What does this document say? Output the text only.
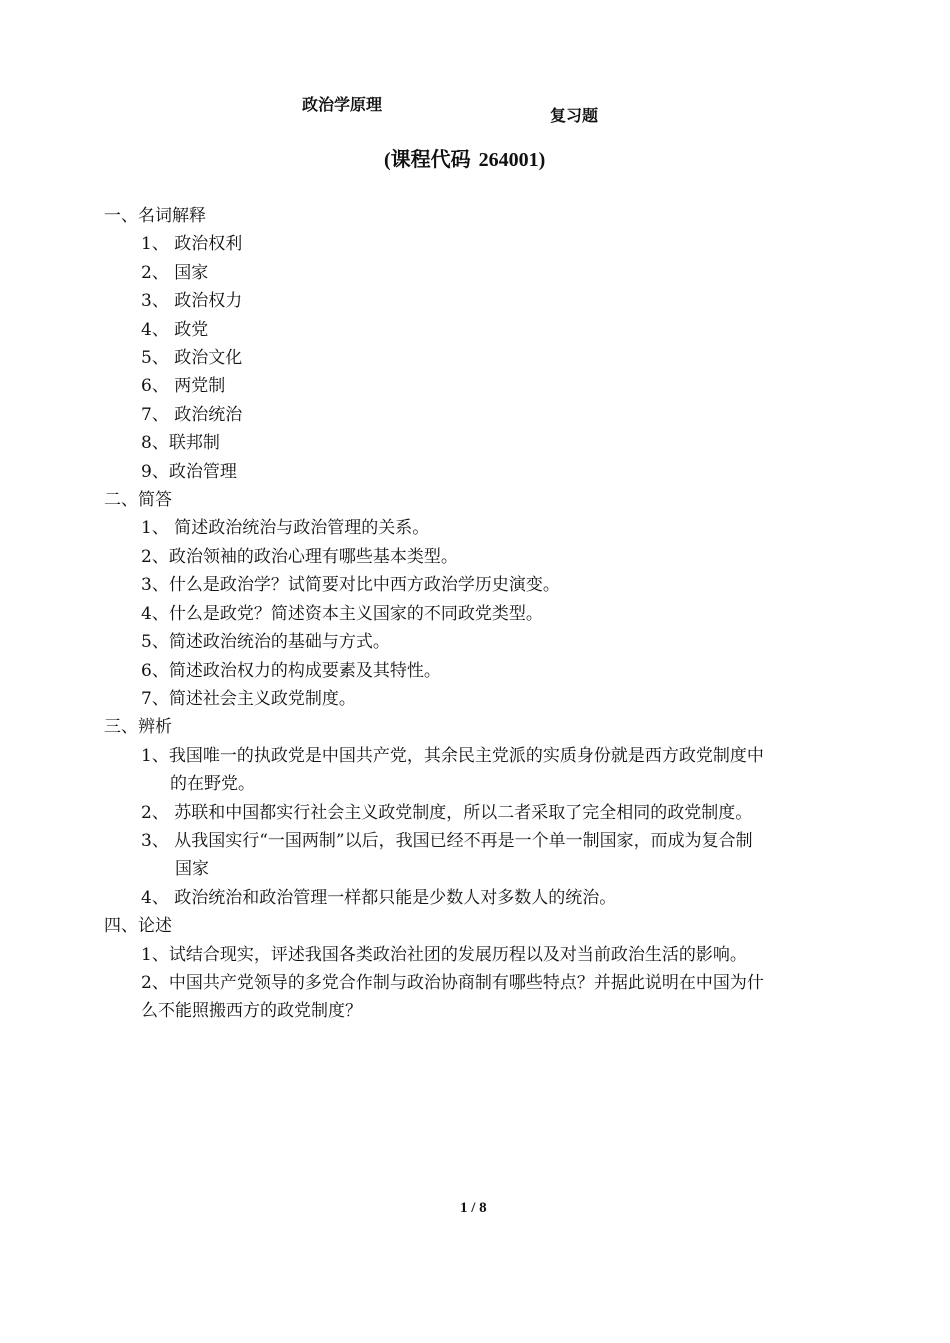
政治学原理
复习题
(课程代码 264001)
一、名词解释
1、 政治权利
2、 国家
3、 政治权力
4、 政党
5、 政治文化
6、 两党制
7、 政治统治
8、联邦制
9、政治管理
二、简答
1、 简述政治统治与政治管理的关系。
2、政治领袖的政治心理有哪些基本类型。
3、什么是政治学？试简要对比中西方政治学历史演变。
4、什么是政党？简述资本主义国家的不同政党类型。
5、简述政治统治的基础与方式。
6、简述政治权力的构成要素及其特性。
7、简述社会主义政党制度。
三、辨析
1、我国唯一的执政党是中国共产党，其余民主党派的实质身份就是西方政党制度中
的在野党。
2、 苏联和中国都实行社会主义政党制度，所以二者采取了完全相同的政党制度。
3、 从我国实行“一国两制”以后，我国已经不再是一个单一制国家，而成为复合制
国家
4、 政治统治和政治管理一样都只能是少数人对多数人的统治。
四、论述
1、试结合现实，评述我国各类政治社团的发展历程以及对当前政治生活的影响。
2、中国共产党领导的多党合作制与政治协商制有哪些特点？并据此说明在中国为什
么不能照搬西方的政党制度？
1 / 8
